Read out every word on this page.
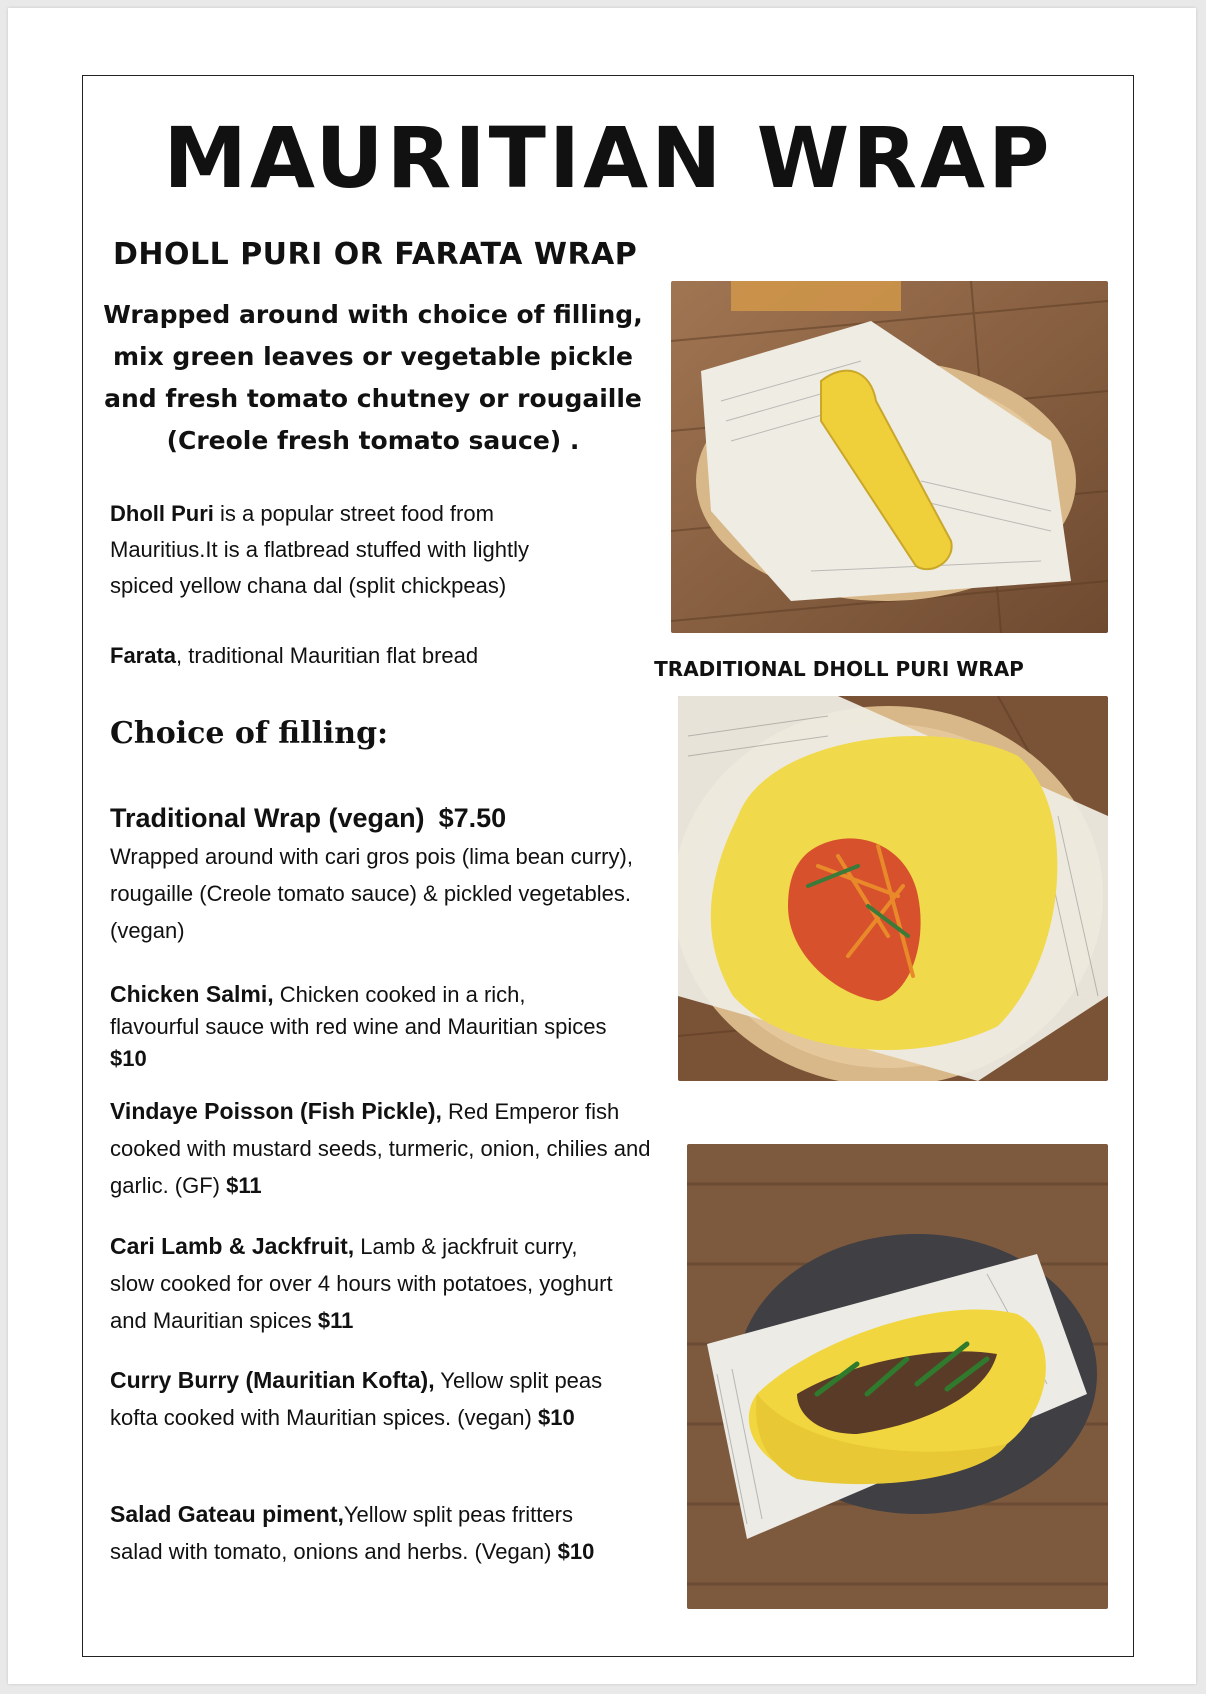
MAURITIAN WRAP
DHOLL PURI OR FARATA WRAP

Wrapped around with choice of filling,
mix green leaves or vegetable pickle
and fresh tomato chutney or rougaille
(Creole fresh tomato sauce) .

Dholl Puri is a popular street food from Mauritius.It is a flatbread stuffed with lightly spiced yellow chana dal (split chickpeas)

Farata, traditional Mauritian flat bread

Choice of filling:
Traditional Wrap (vegan) $7.50
Wrapped around with cari gros pois (lima bean curry), rougaille (Creole tomato sauce) & pickled vegetables. (vegan)
Chicken Salmi, Chicken cooked in a rich, flavourful sauce with red wine and Mauritian spices $10
Vindaye Poisson (Fish Pickle), Red Emperor fish cooked with mustard seeds, turmeric, onion, chilies and garlic. (GF) $11
Cari Lamb & Jackfruit, Lamb & jackfruit curry, slow cooked for over 4 hours with potatoes, yoghurt and Mauritian spices $11
Curry Burry (Mauritian Kofta), Yellow split peas kofta cooked with Mauritian spices. (vegan) $10
Salad Gateau piment,Yellow split peas fritters salad with tomato, onions and herbs. (Vegan) $10

TRADITIONAL DHOLL PURI WRAP
